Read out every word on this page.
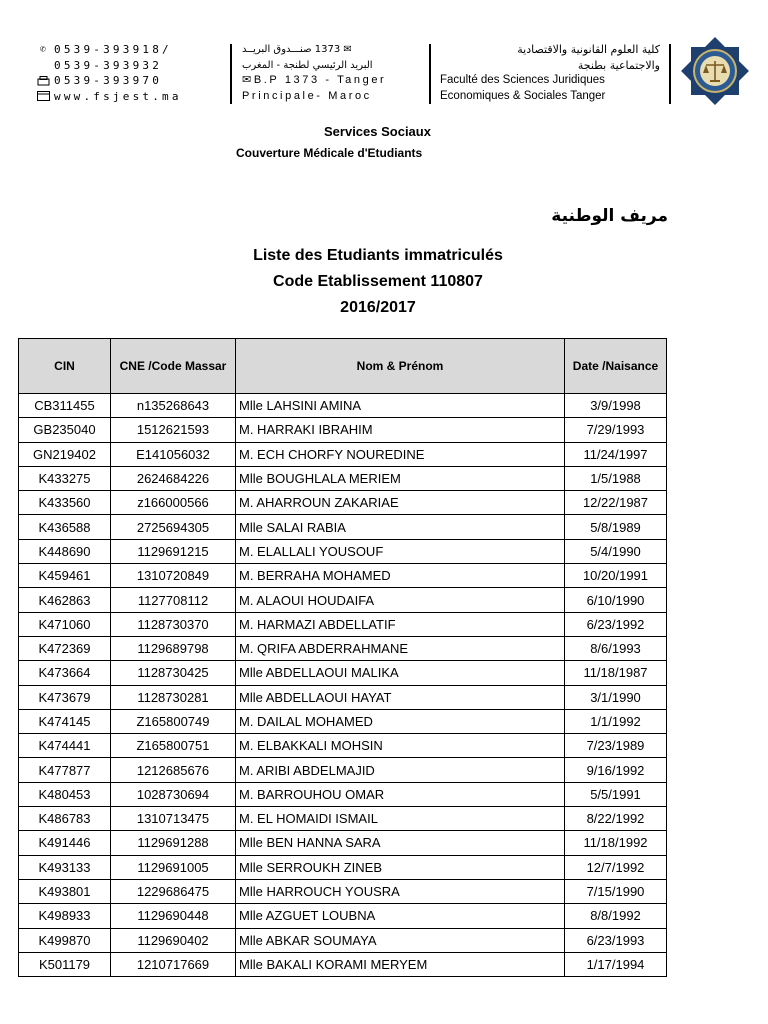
✆ 0539-393918/
0539-393932
0539-393970
www.fsjest.ma
✉ 1373 صنـــدوق البريــد
البريد الرئيسي لطنجة - المغرب
✉B.P 1373 - Tanger
Principale- Maroc
كلية العلوم القانونية والاقتصادية
والاجتماعية بطنجة
Faculté des Sciences Juridiques
Economiques & Sociales Tanger
Services Sociaux
Couverture Médicale d'Etudiants
مريف الوطنية
Liste des Etudiants immatriculés
Code Etablissement 110807
2016/2017
CIN	CNE /Code Massar	Nom & Prénom	Date /Naisance
CB311455	n135268643	Mlle LAHSINI AMINA	3/9/1998
GB235040	1512621593	M. HARRAKI IBRAHIM	7/29/1993
GN219402	E141056032	M. ECH CHORFY NOUREDINE	11/24/1997
K433275	2624684226	Mlle BOUGHLALA MERIEM	1/5/1988
K433560	z166000566	M. AHARROUN ZAKARIAE	12/22/1987
K436588	2725694305	Mlle SALAI RABIA	5/8/1989
K448690	1129691215	M. ELALLALI YOUSOUF	5/4/1990
K459461	1310720849	M. BERRAHA MOHAMED	10/20/1991
K462863	1127708112	M. ALAOUI HOUDAIFA	6/10/1990
K471060	1128730370	M. HARMAZI ABDELLATIF	6/23/1992
K472369	1129689798	M. QRIFA ABDERRAHMANE	8/6/1993
K473664	1128730425	Mlle ABDELLAOUI MALIKA	11/18/1987
K473679	1128730281	Mlle ABDELLAOUI HAYAT	3/1/1990
K474145	Z165800749	M. DAILAL MOHAMED	1/1/1992
K474441	Z165800751	M. ELBAKKALI MOHSIN	7/23/1989
K477877	1212685676	M. ARIBI ABDELMAJID	9/16/1992
K480453	1028730694	M. BARROUHOU OMAR	5/5/1991
K486783	1310713475	M. EL HOMAIDI ISMAIL	8/22/1992
K491446	1129691288	Mlle BEN HANNA SARA	11/18/1992
K493133	1129691005	Mlle SERROUKH ZINEB	12/7/1992
K493801	1229686475	Mlle HARROUCH YOUSRA	7/15/1990
K498933	1129690448	Mlle AZGUET LOUBNA	8/8/1992
K499870	1129690402	Mlle ABKAR SOUMAYA	6/23/1993
K501179	1210717669	Mlle BAKALI KORAMI MERYEM	1/17/1994
